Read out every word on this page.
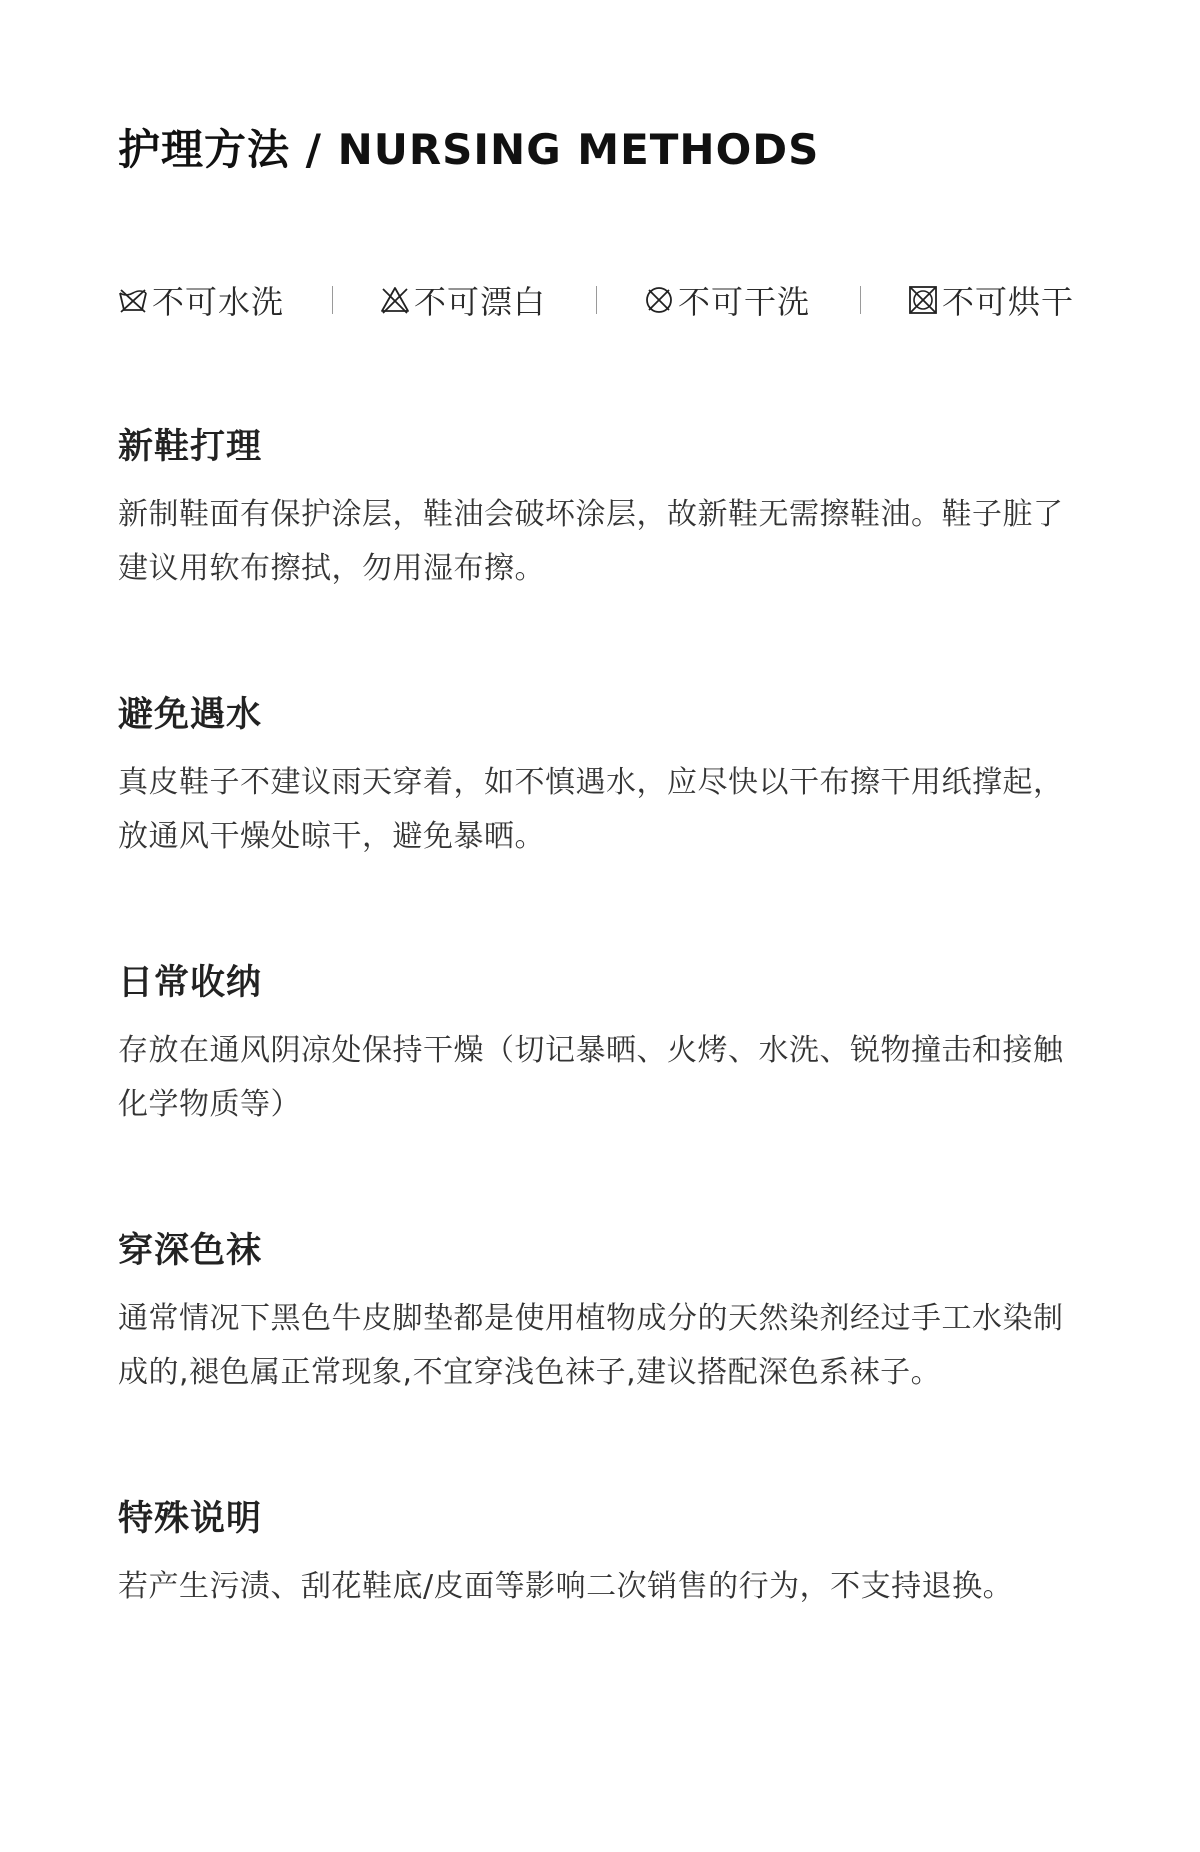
护理方法 / NURSING METHODS
不可水洗	不可漂白	不可干洗	不可烘干
新鞋打理

新制鞋面有保护涂层，鞋油会破坏涂层，故新鞋无需擦鞋油。鞋子脏了建议用软布擦拭，勿用湿布擦。

避免遇水

真皮鞋子不建议雨天穿着，如不慎遇水，应尽快以干布擦干用纸撑起，放通风干燥处晾干，避免暴晒。

日常收纳

存放在通风阴凉处保持干燥（切记暴晒、火烤、水洗、锐物撞击和接触化学物质等）

穿深色袜

通常情况下黑色牛皮脚垫都是使用植物成分的天然染剂经过手工水染制成的,褪色属正常现象,不宜穿浅色袜子,建议搭配深色系袜子。

特殊说明

若产生污渍、刮花鞋底/皮面等影响二次销售的行为，不支持退换。
